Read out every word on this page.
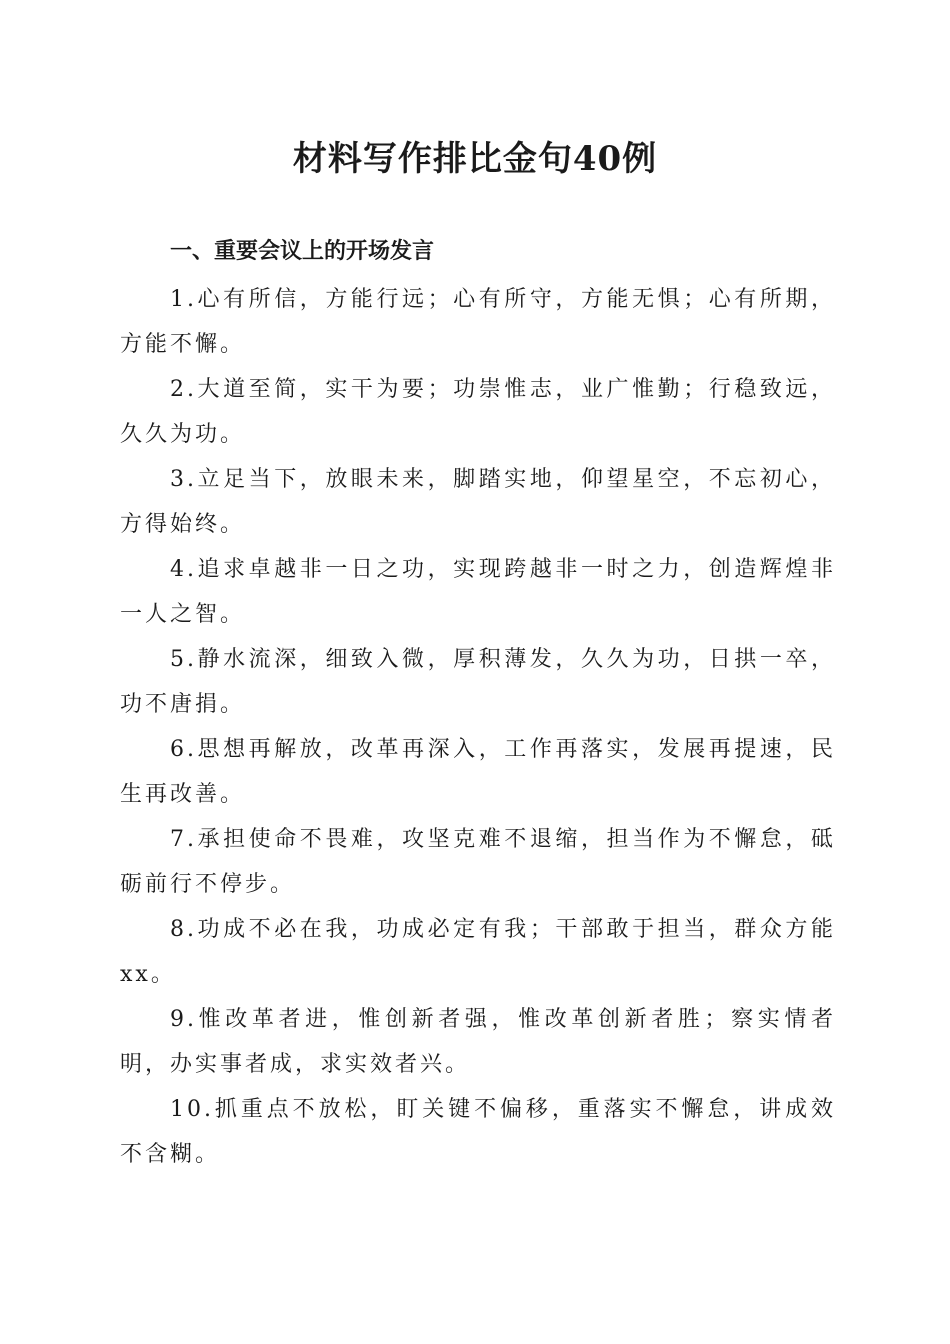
材料写作排比金句40例
一、重要会议上的开场发言

1.心有所信，方能行远；心有所守，方能无惧；心有所期，方能不懈。

2.大道至简，实干为要；功崇惟志，业广惟勤；行稳致远，久久为功。

3.立足当下，放眼未来，脚踏实地，仰望星空，不忘初心，方得始终。

4.追求卓越非一日之功，实现跨越非一时之力，创造辉煌非一人之智。

5.静水流深，细致入微，厚积薄发，久久为功，日拱一卒，功不唐捐。

6.思想再解放，改革再深入，工作再落实，发展再提速，民生再改善。

7.承担使命不畏难，攻坚克难不退缩，担当作为不懈怠，砥砺前行不停步。

8.功成不必在我，功成必定有我；干部敢于担当，群众方能xx。

9.惟改革者进，惟创新者强，惟改革创新者胜；察实情者明，办实事者成，求实效者兴。

10.抓重点不放松，盯关键不偏移，重落实不懈怠，讲成效不含糊。
